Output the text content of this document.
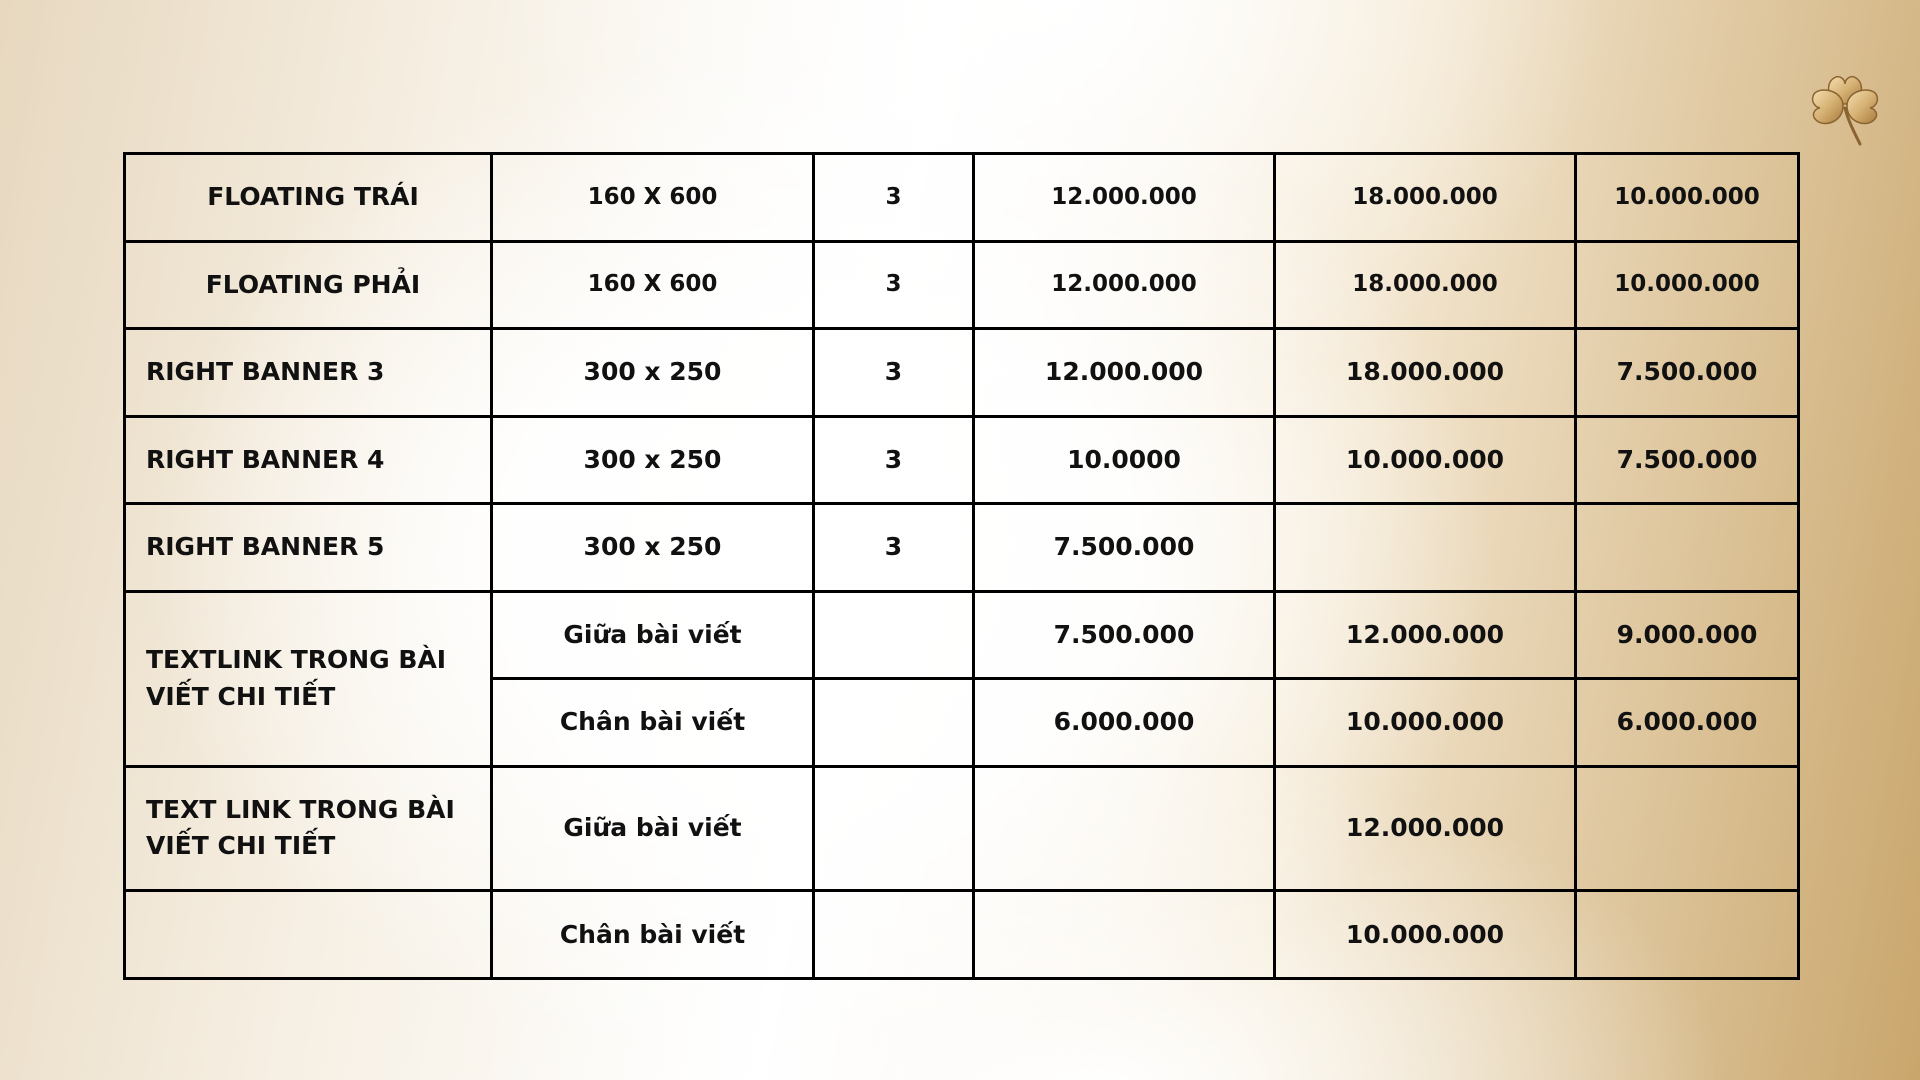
FLOATING TRÁI	160 X 600	3	12.000.000	18.000.000	10.000.000
FLOATING PHẢI	160 X 600	3	12.000.000	18.000.000	10.000.000
RIGHT BANNER 3	300 x 250	3	12.000.000	18.000.000	7.500.000
RIGHT BANNER 4	300 x 250	3	10.0000	10.000.000	7.500.000
RIGHT BANNER 5	300 x 250	3	7.500.000		
TEXTLINK TRONG BÀI VIẾT CHI TIẾT	Giữa bài viết		7.500.000	12.000.000	9.000.000
	Chân bài viết		6.000.000	10.000.000	6.000.000
TEXT LINK TRONG BÀI VIẾT CHI TIẾT	Giữa bài viết			12.000.000	
	Chân bài viết			10.000.000	
